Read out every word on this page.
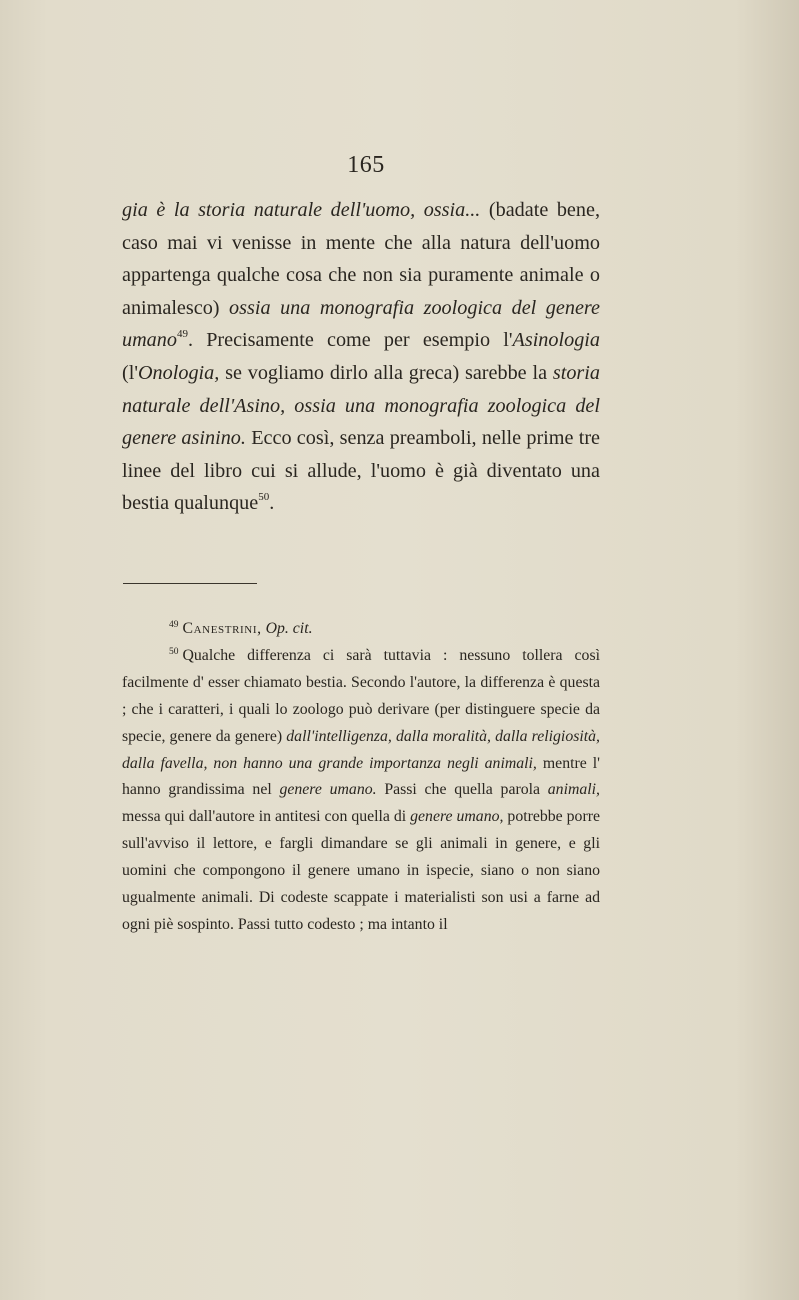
165

gia è la storia naturale dell'uomo, ossia... (badate bene, caso mai vi venisse in mente che alla natura dell'uomo appartenga qualche cosa che non sia puramente animale o animalesco) ossia una monografia zoologica del genere umano$^{49}$. Precisamente come per esempio l'Asinologia (l'Onologia, se vogliamo dirlo alla greca) sarebbe la storia naturale dell'Asino, ossia una monografia zoologica del genere asinino. Ecco così, senza preamboli, nelle prime tre linee del libro cui si allude, l'uomo è già diventato una bestia qualunque$^{50}$.

$^{49}$ Canestrini, Op. cit.

$^{50}$ Qualche differenza ci sarà tuttavia : nessuno tollera così facilmente d' esser chiamato bestia. Secondo l'autore, la differenza è questa ; che i caratteri, i quali lo zoologo può derivare (per distinguere specie da specie, genere da genere) dall'intelligenza, dalla moralità, dalla religiosità, dalla favella, non hanno una grande importanza negli animali, mentre l' hanno grandissima nel genere umano. Passi che quella parola animali, messa qui dall'autore in antitesi con quella di genere umano, potrebbe porre sull'avviso il lettore, e fargli dimandare se gli animali in genere, e gli uomini che compongono il genere umano in ispecie, siano o non siano ugualmente animali. Di codeste scappate i materialisti son usi a farne ad ogni piè sospinto. Passi tutto codesto ; ma intanto il
